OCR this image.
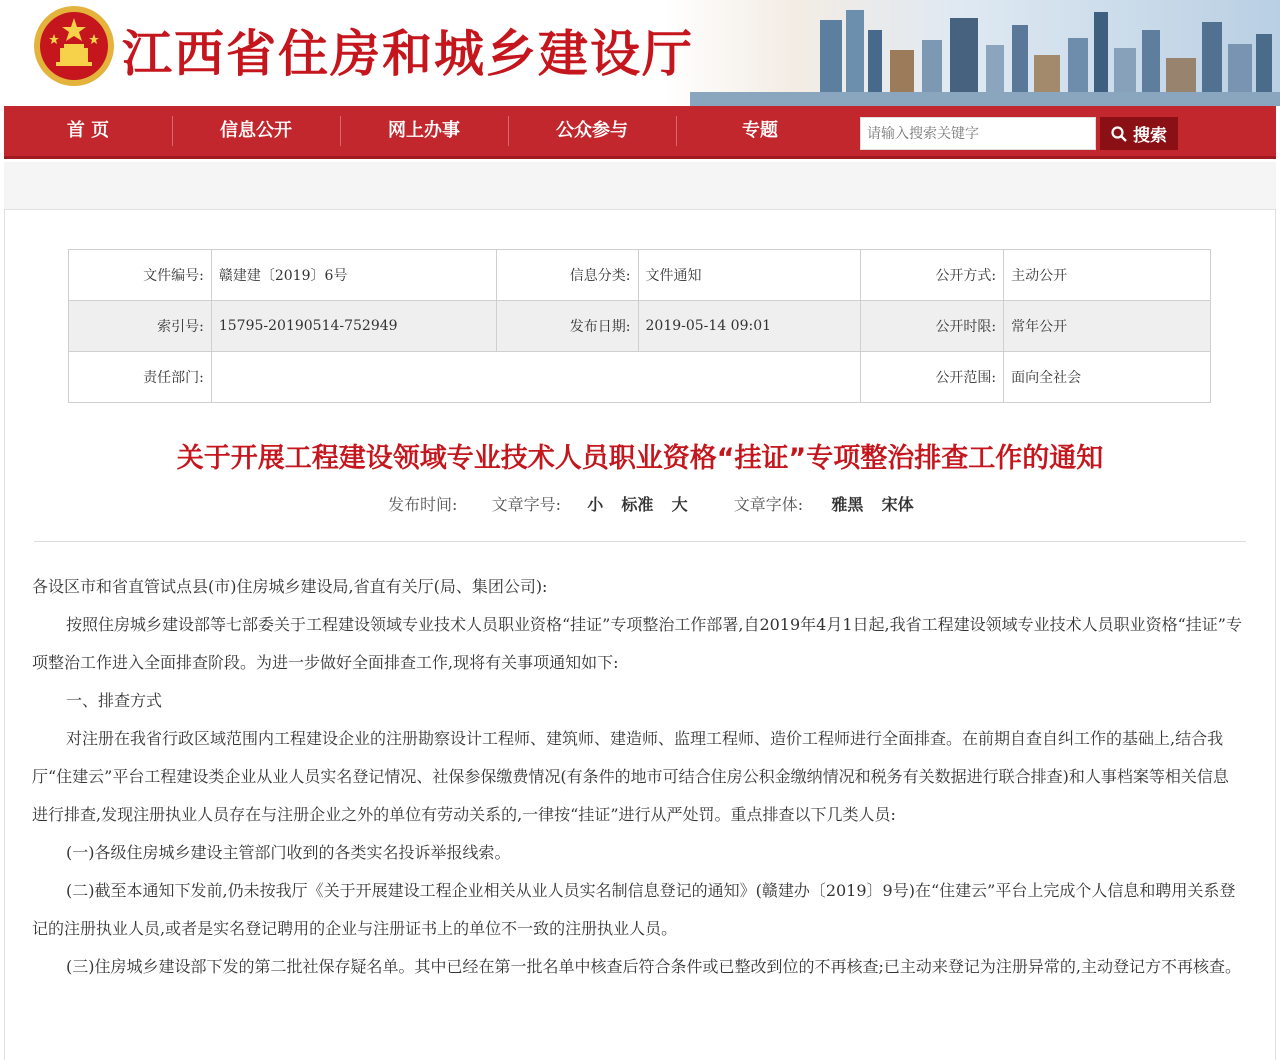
江西省住房和城乡建设厅
首 页	信息公开	网上办事	公众参与	专题
请输入搜索关键字	搜索
文件编号:	赣建建〔2019〕6号	信息分类:	文件通知	公开方式:	主动公开
索引号:	15795-20190514-752949	发布日期:	2019-05-14 09:01	公开时限:	常年公开
责任部门:				公开范围:	面向全社会
关于开展工程建设领域专业技术人员职业资格“挂证”专项整治排查工作的通知
发布时间: 文章字号: 小 标准 大	文章字体: 雅黑 宋体

各设区市和省直管试点县(市)住房城乡建设局,省直有关厅(局、集团公司):

按照住房城乡建设部等七部委关于工程建设领域专业技术人员职业资格“挂证”专项整治工作部署,自2019年4月1日起,我省工程建设领域专业技术人员职业资格“挂证”专项整治工作进入全面排查阶段。为进一步做好全面排查工作,现将有关事项通知如下:

一、排查方式

对注册在我省行政区域范围内工程建设企业的注册勘察设计工程师、建筑师、建造师、监理工程师、造价工程师进行全面排查。在前期自查自纠工作的基础上,结合我厅“住建云”平台工程建设类企业从业人员实名登记情况、社保参保缴费情况(有条件的地市可结合住房公积金缴纳情况和税务有关数据进行联合排查)和人事档案等相关信息进行排查,发现注册执业人员存在与注册企业之外的单位有劳动关系的,一律按“挂证”进行从严处罚。重点排查以下几类人员:

(一)各级住房城乡建设主管部门收到的各类实名投诉举报线索。

(二)截至本通知下发前,仍未按我厅《关于开展建设工程企业相关从业人员实名制信息登记的通知》(赣建办〔2019〕9号)在“住建云”平台上完成个人信息和聘用关系登记的注册执业人员,或者是实名登记聘用的企业与注册证书上的单位不一致的注册执业人员。

(三)住房城乡建设部下发的第二批社保存疑名单。其中已经在第一批名单中核查后符合条件或已整改到位的不再核查;已主动来登记为注册异常的,主动登记方不再核查。
